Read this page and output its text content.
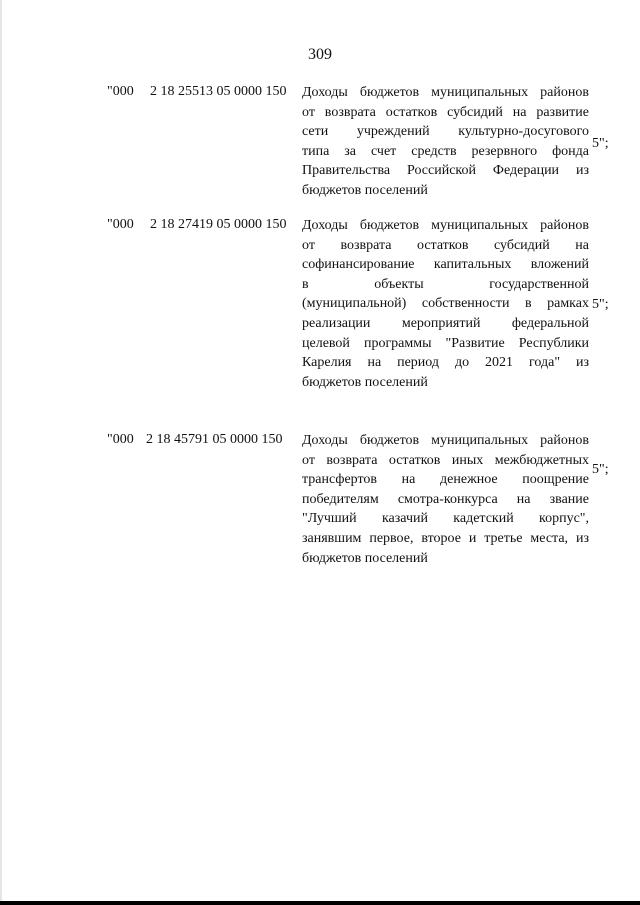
309
"000 2 18 25513 05 0000 150 Доходы бюджетов муниципальных районов
от возврата остатков субсидий на развитие
сети учреждений культурно-досугового
типа за счет средств резервного фонда
Правительства Российской Федерации из
бюджетов поселений
5";
"000 2 18 27419 05 0000 150 Доходы бюджетов муниципальных районов
от возврата остатков субсидий на
софинансирование капитальных вложений
в объекты государственной
(муниципальной) собственности в рамках
реализации мероприятий федеральной
целевой программы "Развитие Республики
Карелия на период до 2021 года" из
бюджетов поселений
5";
"000 2 18 45791 05 0000 150 Доходы бюджетов муниципальных районов
от возврата остатков иных межбюджетных
трансфертов на денежное поощрение
победителям смотра-конкурса на звание
"Лучший казачий кадетский корпус",
занявшим первое, второе и третье места, из
бюджетов поселений
5";
